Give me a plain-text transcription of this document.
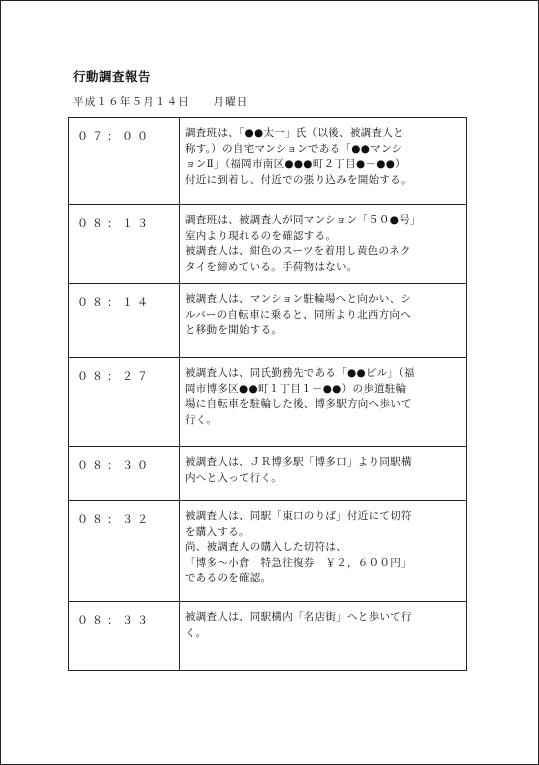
行動調査報告
平成１６年５月１４日　　月曜日
０７：００	調査班は、「●●太一」氏（以後、被調査人と
称す。）の自宅マンションである「●●マンシ
ョンⅡ」（福岡市南区●●●町２丁目●－●●）
付近に到着し、付近での張り込みを開始する。

０８：１３	調査班は、被調査人が同マンション「５０●号」
室内より現れるのを確認する。
被調査人は、紺色のスーツを着用し黄色のネク
タイを締めている。手荷物はない。

０８：１４	被調査人は、マンション駐輪場へと向かい、シ
ルバーの自転車に乗ると、同所より北西方向へ
と移動を開始する。

０８：２７	被調査人は、同氏勤務先である「●●ビル」（福
岡市博多区●●町１丁目１－●●）の歩道駐輪
場に自転車を駐輪した後、博多駅方向へ歩いて
行く。

０８：３０	被調査人は、ＪＲ博多駅「博多口」より同駅構
内へと入って行く。

０８：３２	被調査人は、同駅「東口のりば」付近にて切符
を購入する。
尚、被調査人の購入した切符は、
「博多～小倉　特急往復券　￥２，６００円」
であるのを確認。

０８：３３	被調査人は、同駅構内「名店街」へと歩いて行
く。
